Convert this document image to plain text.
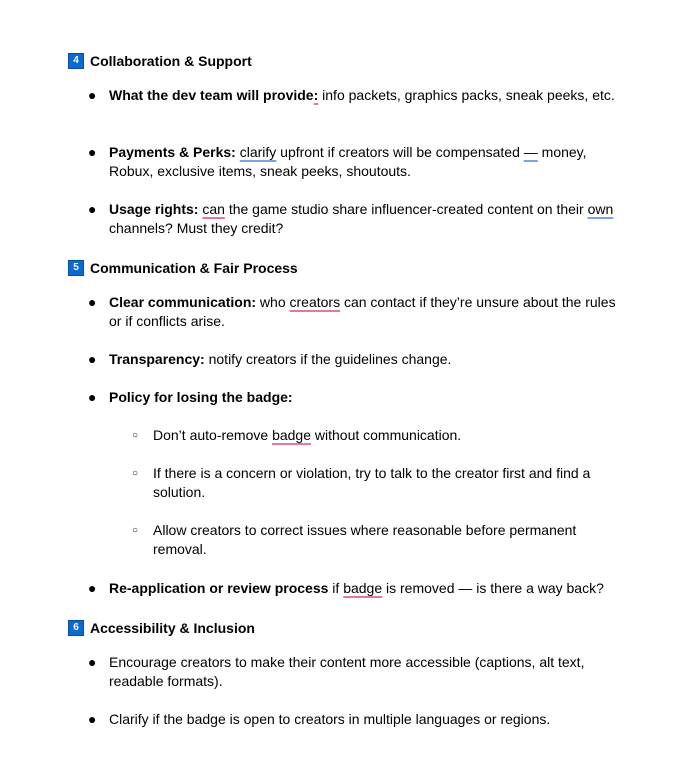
4 Collaboration & Support
● What the dev team will provide: info packets, graphics packs, sneak peeks, etc.
● Payments & Perks: clarify upfront if creators will be compensated — money, Robux, exclusive items, sneak peeks, shoutouts.
● Usage rights: can the game studio share influencer-created content on their own channels? Must they credit?
5 Communication & Fair Process
● Clear communication: who creators can contact if they’re unsure about the rules or if conflicts arise.
● Transparency: notify creators if the guidelines change.
● Policy for losing the badge:
○ Don’t auto-remove badge without communication.
○ If there is a concern or violation, try to talk to the creator first and find a solution.
○ Allow creators to correct issues where reasonable before permanent removal.
● Re-application or review process if badge is removed — is there a way back?
6 Accessibility & Inclusion
● Encourage creators to make their content more accessible (captions, alt text, readable formats).
● Clarify if the badge is open to creators in multiple languages or regions.
